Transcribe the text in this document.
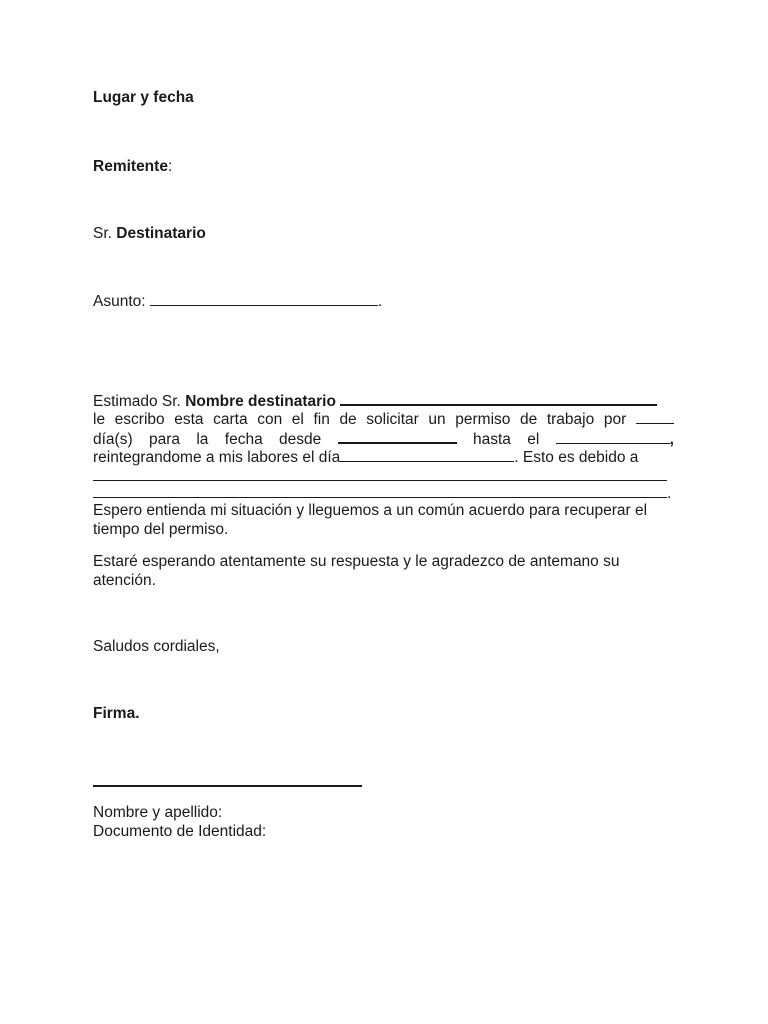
Lugar y fecha
Remitente:
Sr. Destinatario
Asunto:	.
Estimado Sr. Nombre destinatario
le escribo esta carta con el fin de solicitar un permiso de trabajo por
día(s) para la fecha desde	hasta el	,
reintegrandome a mis labores el día	. Esto es debido a
.
Espero entienda mi situación y lleguemos a un común acuerdo para recuperar el tiempo del permiso.
Estaré esperando atentamente su respuesta y le agradezco de antemano su atención.
Saludos cordiales,
Firma.
Nombre y apellido:
Documento de Identidad:
